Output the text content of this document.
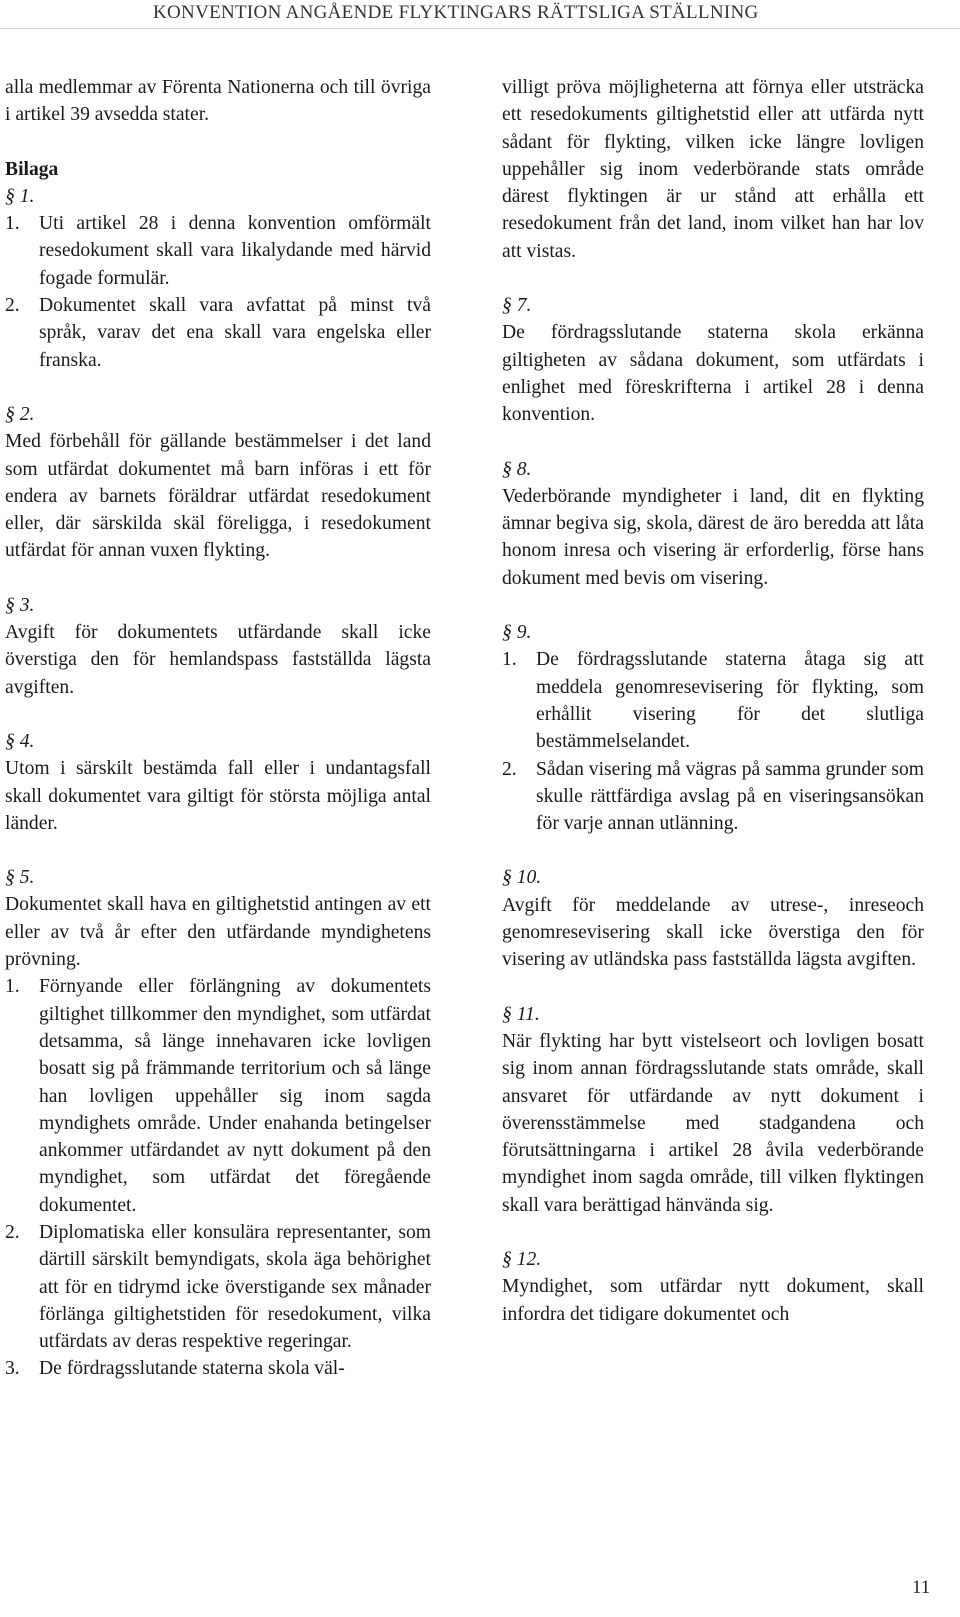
KONVENTION ANGÅENDE FLYKTINGARS RÄTTSLIGA STÄLLNING

alla medlemmar av Förenta Nationerna och till övriga i artikel 39 avsedda stater.

Bilaga

§ 1.
1. Uti artikel 28 i denna konvention omförmält resedokument skall vara likalydande med härvid fogade formulär.
2. Dokumentet skall vara avfattat på minst två språk, varav det ena skall vara engelska eller franska.
§ 2.

Med förbehåll för gällande bestämmelser i det land som utfärdat dokumentet må barn införas i ett för endera av barnets föräldrar utfärdat resedokument eller, där särskilda skäl föreligga, i resedokument utfärdat för annan vuxen flykting.

§ 3.

Avgift för dokumentets utfärdande skall icke överstiga den för hemlandspass fastställda lägsta avgiften.

§ 4.

Utom i särskilt bestämda fall eller i undantagsfall skall dokumentet vara giltigt för största möjliga antal länder.

§ 5.

Dokumentet skall hava en giltighetstid antingen av ett eller av två år efter den utfärdande myndighetens prövning.

1. Förnyande eller förlängning av dokumentets giltighet tillkommer den myndighet, som utfärdat detsamma, så länge innehavaren icke lovligen bosatt sig på främmande territorium och så länge han lovligen uppehåller sig inom sagda myndighets område. Under enahanda betingelser ankommer utfärdandet av nytt dokument på den myndighet, som utfärdat det föregående dokumentet.
2. Diplomatiska eller konsulära representanter, som därtill särskilt bemyndigats, skola äga behörighet att för en tidrymd icke överstigande sex månader förlänga giltighetstiden för resedokument, vilka utfärdats av deras respektive regeringar.
3. De fördragsslutande staterna skola väl-

villigt pröva möjligheterna att förnya eller utsträcka ett resedokuments giltighetstid eller att utfärda nytt sådant för flykting, vilken icke längre lovligen uppehåller sig inom vederbörande stats område därest flyktingen är ur stånd att erhålla ett resedokument från det land, inom vilket han har lov att vistas.

§ 7.

De fördragsslutande staterna skola erkänna giltigheten av sådana dokument, som utfärdats i enlighet med föreskrifterna i artikel 28 i denna konvention.

§ 8.

Vederbörande myndigheter i land, dit en flykting ämnar begiva sig, skola, därest de äro beredda att låta honom inresa och visering är erforderlig, förse hans dokument med bevis om visering.

§ 9.
1. De fördragsslutande staterna åtaga sig att meddela genomresevisering för flykting, som erhållit visering för det slutliga bestämmelselandet.
2. Sådan visering må vägras på samma grunder som skulle rättfärdiga avslag på en viseringsansökan för varje annan utlänning.
§ 10.

Avgift för meddelande av utrese-, inreseoch genomresevisering skall icke överstiga den för visering av utländska pass fastställda lägsta avgiften.

§ 11.

När flykting har bytt vistelseort och lovligen bosatt sig inom annan fördragsslutande stats område, skall ansvaret för utfärdande av nytt dokument i överensstämmelse med stadgandena och förutsättningarna i artikel 28 åvila vederbörande myndighet inom sagda område, till vilken flyktingen skall vara berättigad hänvända sig.

§ 12.

Myndighet, som utfärdar nytt dokument, skall infordra det tidigare dokumentet och

11
